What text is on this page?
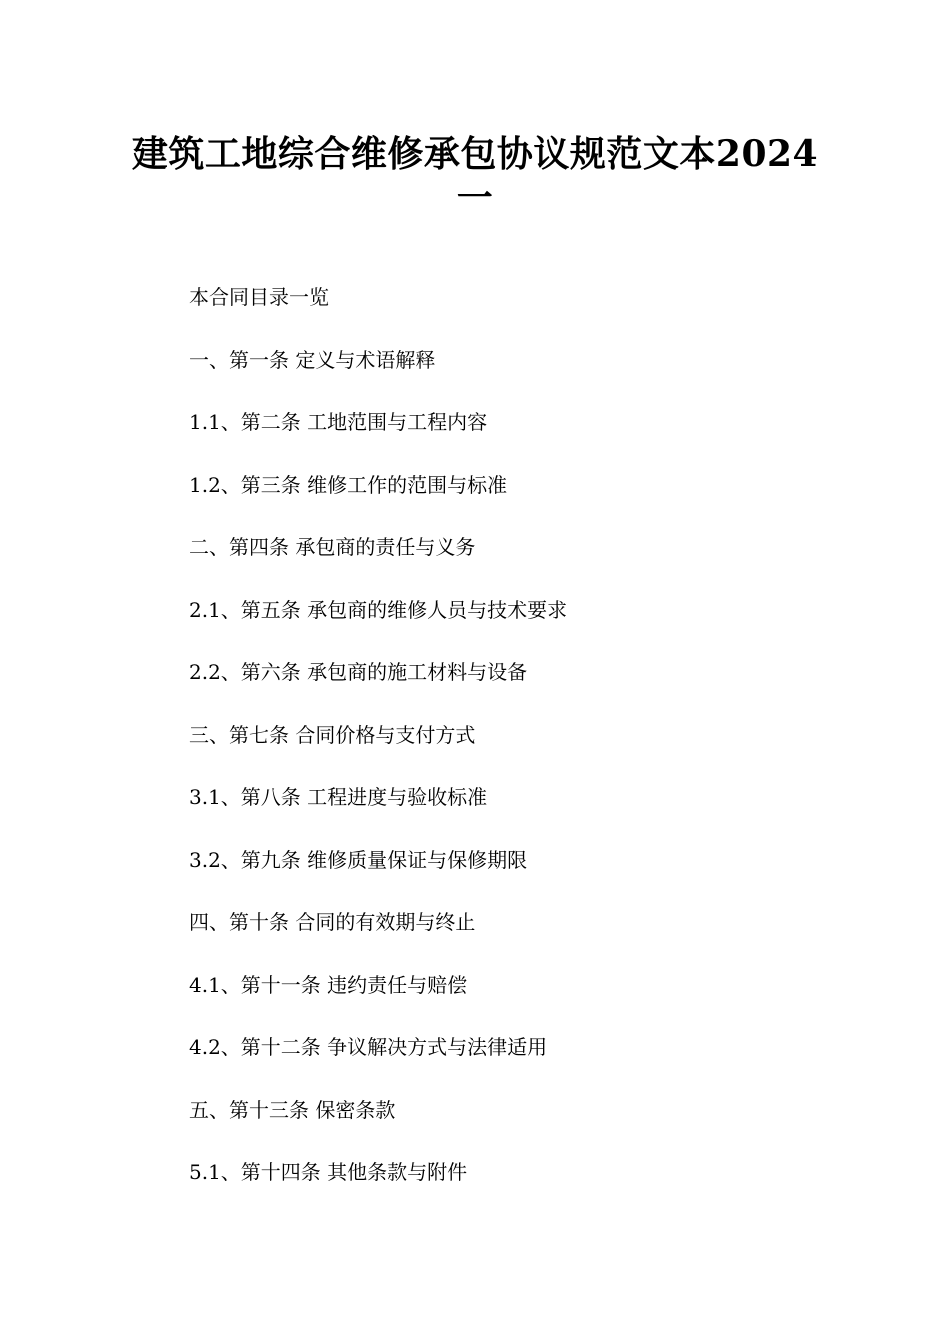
建筑工地综合维修承包协议规范文本2024
一
本合同目录一览
一、第一条 定义与术语解释
1.1、第二条 工地范围与工程内容
1.2、第三条 维修工作的范围与标准
二、第四条 承包商的责任与义务
2.1、第五条 承包商的维修人员与技术要求
2.2、第六条 承包商的施工材料与设备
三、第七条 合同价格与支付方式
3.1、第八条 工程进度与验收标准
3.2、第九条 维修质量保证与保修期限
四、第十条 合同的有效期与终止
4.1、第十一条 违约责任与赔偿
4.2、第十二条 争议解决方式与法律适用
五、第十三条 保密条款
5.1、第十四条 其他条款与附件
